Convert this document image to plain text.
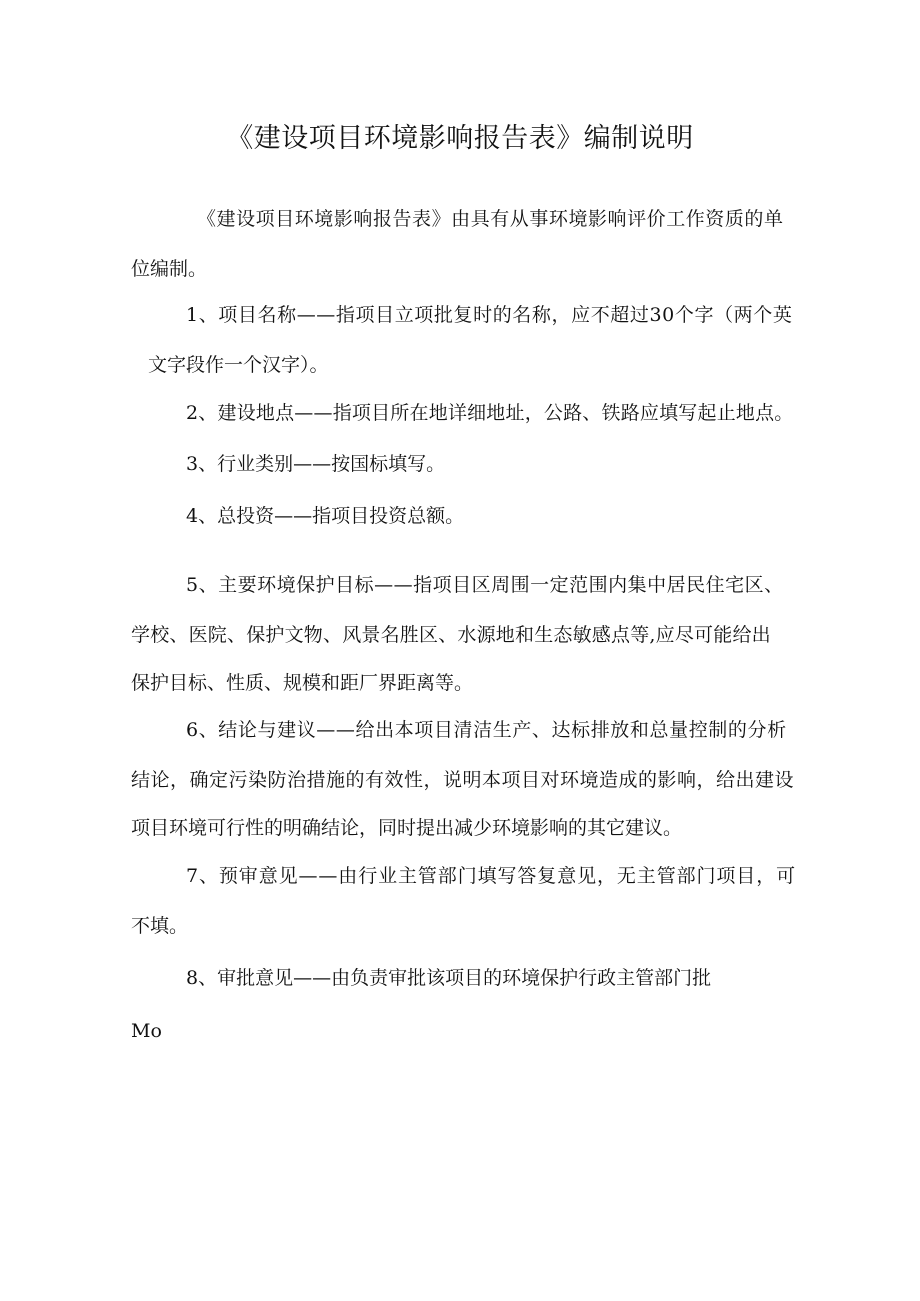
《建设项目环境影响报告表》编制说明
《建设项目环境影响报告表》由具有从事环境影响评价工作资质的单
位编制。
1、项目名称——指项目立项批复时的名称，应不超过30个字（两个英
文字段作一个汉字）。
2、建设地点——指项目所在地详细地址，公路、铁路应填写起止地点。
3、行业类别——按国标填写。
4、总投资——指项目投资总额。
5、主要环境保护目标——指项目区周围一定范围内集中居民住宅区、
学校、医院、保护文物、风景名胜区、水源地和生态敏感点等,应尽可能给出
保护目标、性质、规模和距厂界距离等。
6、结论与建议——给出本项目清洁生产、达标排放和总量控制的分析
结论，确定污染防治措施的有效性，说明本项目对环境造成的影响，给出建设
项目环境可行性的明确结论，同时提出减少环境影响的其它建议。
7、预审意见——由行业主管部门填写答复意见，无主管部门项目，可
不填。
8、审批意见——由负责审批该项目的环境保护行政主管部门批
Mo
